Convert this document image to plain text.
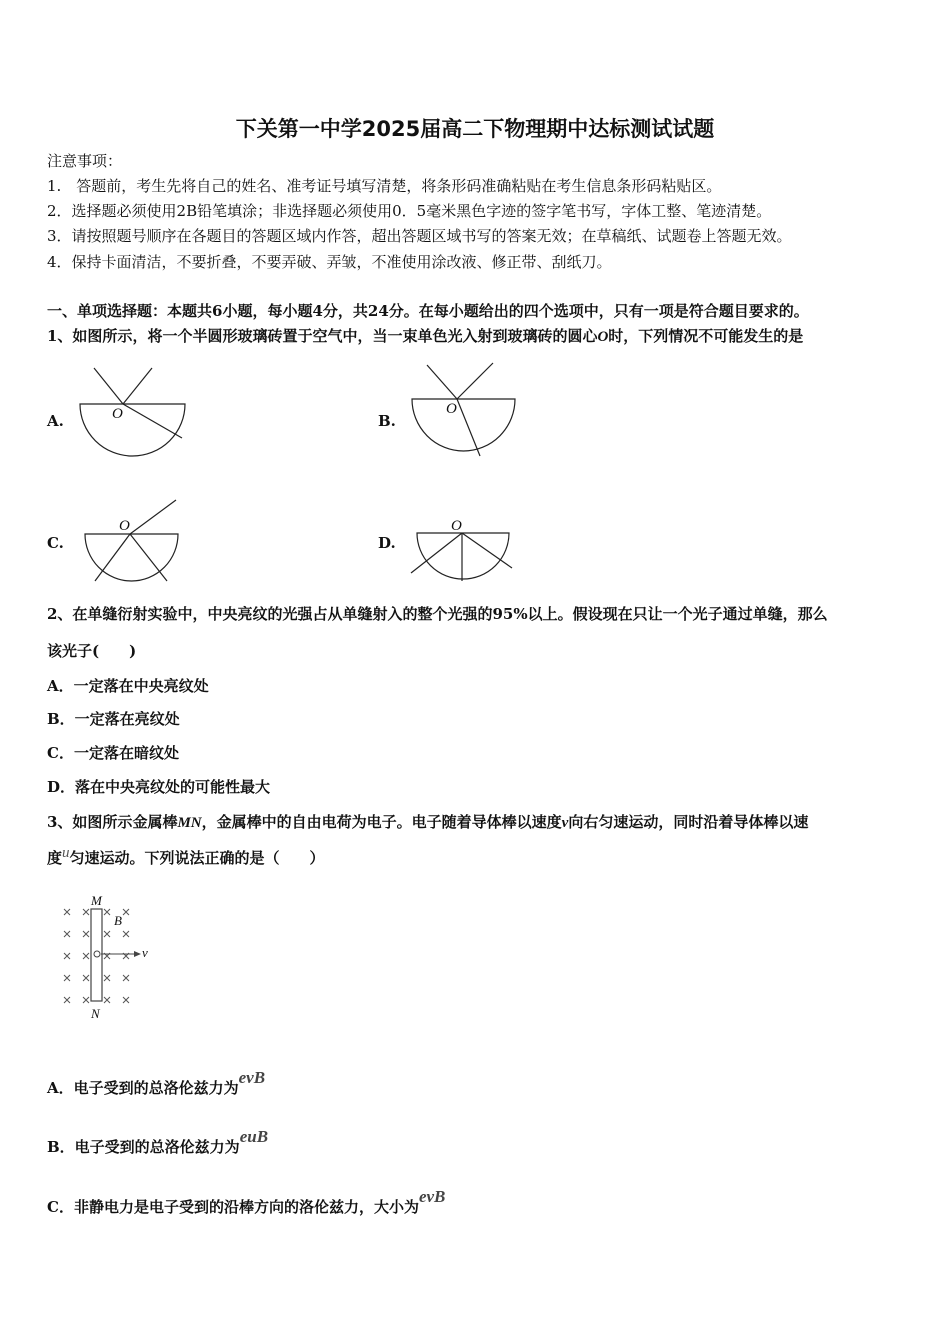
下关第一中学2025届高二下物理期中达标测试试题
注意事项：
1.　答题前，考生先将自己的姓名、准考证号填写清楚，将条形码准确粘贴在考生信息条形码粘贴区。
2．选择题必须使用2B铅笔填涂；非选择题必须使用0．5毫米黑色字迹的签字笔书写，字体工整、笔迹清楚。
3．请按照题号顺序在各题目的答题区域内作答，超出答题区域书写的答案无效；在草稿纸、试题卷上答题无效。
4．保持卡面清洁，不要折叠，不要弄破、弄皱，不准使用涂改液、修正带、刮纸刀。
一、单项选择题：本题共6小题，每小题4分，共24分。在每小题给出的四个选项中，只有一项是符合题目要求的。
1、如图所示，将一个半圆形玻璃砖置于空气中，当一束单色光入射到玻璃砖的圆心O时，下列情况不可能发生的是
A.	O	B.
O
C.
O
D.
O
2、在单缝衍射实验中，中央亮纹的光强占从单缝射入的整个光强的95%以上。假设现在只让一个光子通过单缝，那么
该光子(　　)
A．一定落在中央亮纹处
B．一定落在亮纹处
C．一定落在暗纹处
D．落在中央亮纹处的可能性最大
3、如图所示金属棒MN，金属棒中的自由电荷为电子。电子随着导体棒以速度v向右匀速运动，同时沿着导体棒以速
度u匀速运动。下列说法正确的是（　　）
M
N
B
v
A．电子受到的总洛伦兹力为evB
B．电子受到的总洛伦兹力为euB
C．非静电力是电子受到的沿棒方向的洛伦兹力，大小为evB
